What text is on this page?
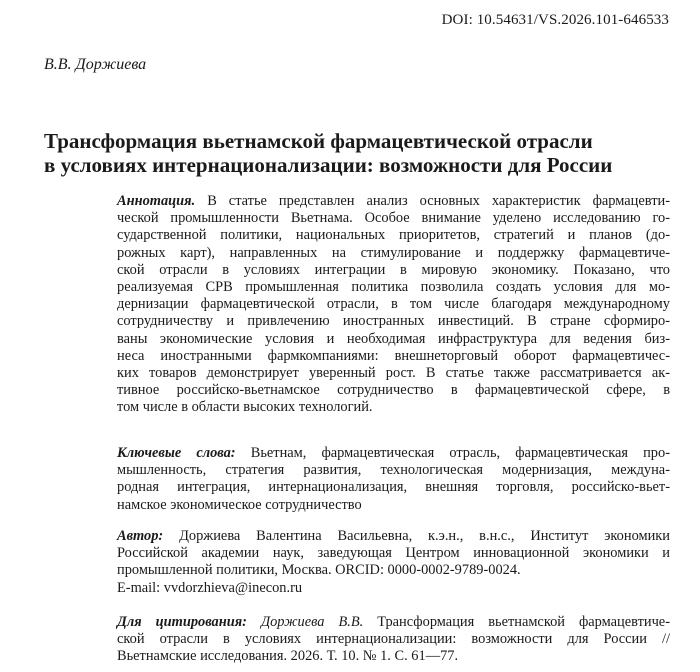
DOI: 10.54631/VS.2026.101-646533
В.В. Доржиева
Трансформация вьетнамской фармацевтической отрасли
в условиях интернационализации: возможности для России
Аннотация. В статье представлен анализ основных характеристик фармацевти-
ческой промышленности Вьетнама. Особое внимание уделено исследованию го-
сударственной политики, национальных приоритетов, стратегий и планов (до-
рожных карт), направленных на стимулирование и поддержку фармацевтиче-
ской отрасли в условиях интеграции в мировую экономику. Показано, что
реализуемая СРВ промышленная политика позволила создать условия для мо-
дернизации фармацевтической отрасли, в том числе благодаря международному
сотрудничеству и привлечению иностранных инвестиций. В стране сформиро-
ваны экономические условия и необходимая инфраструктура для ведения биз-
неса иностранными фармкомпаниями: внешнеторговый оборот фармацевтичес-
ких товаров демонстрирует уверенный рост. В статье также рассматривается ак-
тивное российско-вьетнамское сотрудничество в фармацевтической сфере, в
том числе в области высоких технологий.
Ключевые слова: Вьетнам, фармацевтическая отрасль, фармацевтическая про-
мышленность, стратегия развития, технологическая модернизация, междуна-
родная интеграция, интернационализация, внешняя торговля, российско-вьет-
намское экономическое сотрудничество
Автор: Доржиева Валентина Васильевна, к.э.н., в.н.с., Институт экономики
Российской академии наук, заведующая Центром инновационной экономики и
промышленной политики, Москва. ORCID: 0000-0002-9789-0024.
E-mail: vvdorzhieva@inecon.ru
Для цитирования: Доржиева В.В. Трансформация вьетнамской фармацевтиче-
ской отрасли в условиях интернационализации: возможности для России //
Вьетнамские исследования. 2026. Т. 10. № 1. С. 61—77.
